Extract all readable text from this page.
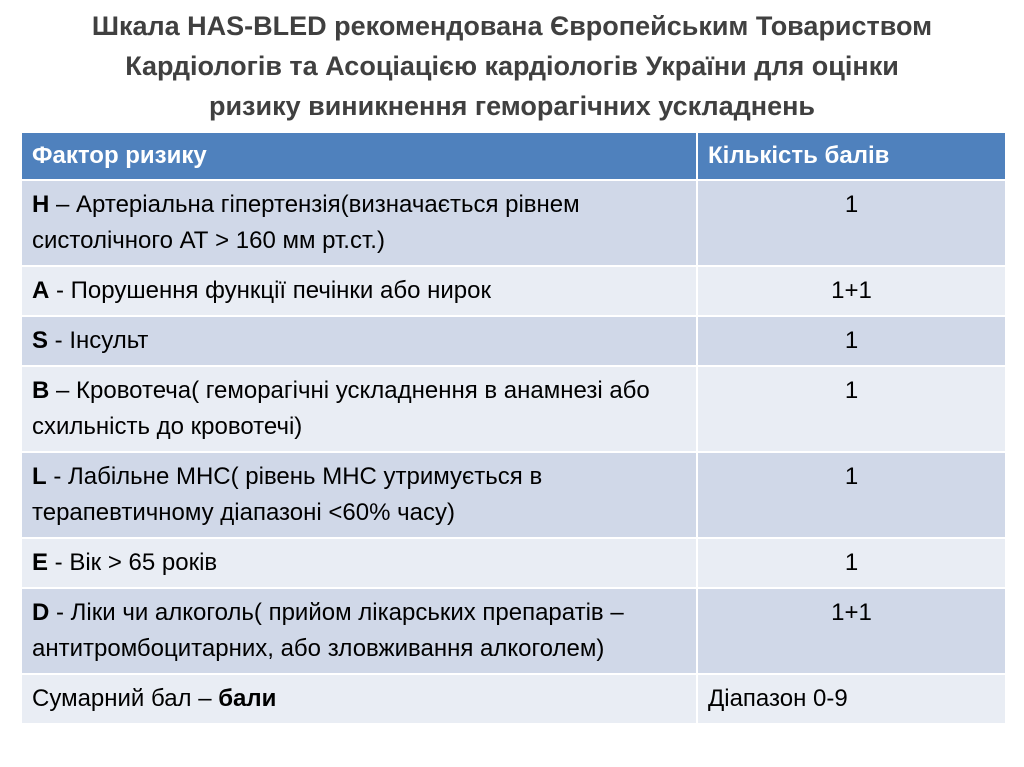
Шкала HAS-BLED рекомендована Європейським Товариством
Кардіологів та Асоціацією кардіологів України для оцінки
ризику виникнення геморагічних ускладнень
Фактор ризику	Кількість балів
H – Артеріальна гіпертензія(визначається рівнем систолічного АТ > 160 мм рт.ст.)	1
A - Порушення функції печінки або нирок	1+1
S - Інсульт	1
B – Кровотеча( геморагічні ускладнення в анамнезі або схильність до кровотечі)	1
L - Лабільне МНС( рівень МНС утримується в терапевтичному діапазоні <60% часу)	1
E - Вік > 65 років	1
D - Ліки чи алкоголь( прийом лікарських препаратів – антитромбоцитарних, або зловживання алкоголем)	1+1
Сумарний бал – бали	Діапазон 0-9
